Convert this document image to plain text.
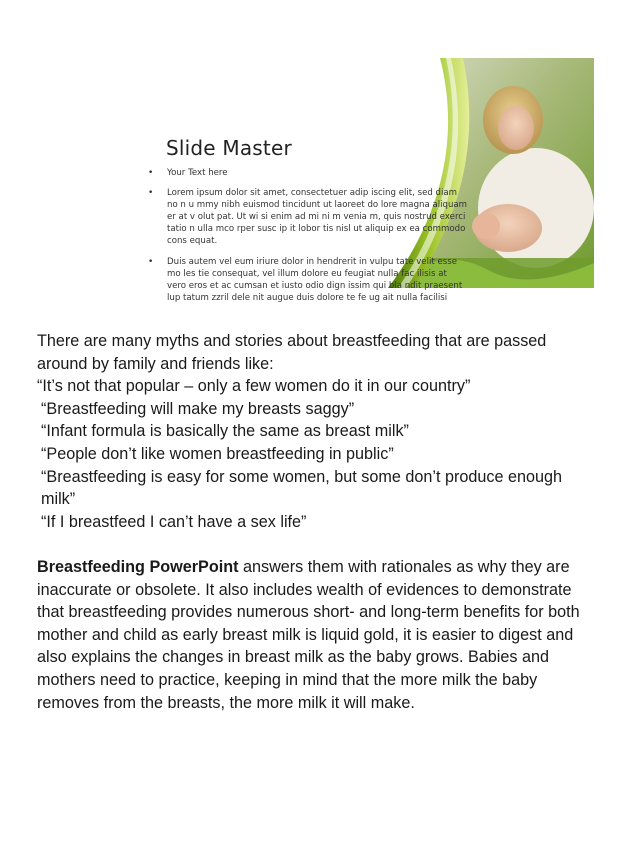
Slide Master
• Your Text here
• Lorem ipsum dolor sit amet, consectetuer adip iscing elit, sed diam no n u mmy nibh euismod tincidunt ut laoreet do lore magna aliquam er at v olut pat. Ut wi si enim ad mi ni m venia m, quis nostrud exerci tatio n ulla mco rper susc ip it lobor tis nisl ut aliquip ex ea commodo cons equat.
• Duis autem vel eum iriure dolor in hendrerit in vulpu tate velit esse mo les tie consequat, vel illum dolore eu feugiat nulla fac ilisis at vero eros et ac cumsan et iusto odio dign issim qui bla ndit praesent lup tatum zzril dele nit augue duis dolore te fe ug ait nulla facilisi

There are many myths and stories about breastfeeding that are passed around by family and friends like:

“It’s not that popular – only a few women do it in our country”

“Breastfeeding will make my breasts saggy”

“Infant formula is basically the same as breast milk”

“People don’t like women breastfeeding in public”

“Breastfeeding is easy for some women, but some don’t produce enough milk”

“If I breastfeed I can’t have a sex life”

Breastfeeding PowerPoint answers them with rationales as why they are inaccurate or obsolete. It also includes wealth of evidences to demonstrate that breastfeeding provides numerous short- and long-term benefits for both mother and child as early breast milk is liquid gold, it is easier to digest and also explains the changes in breast milk as the baby grows. Babies and mothers need to practice, keeping in mind that the more milk the baby removes from the breasts, the more milk it will make.
